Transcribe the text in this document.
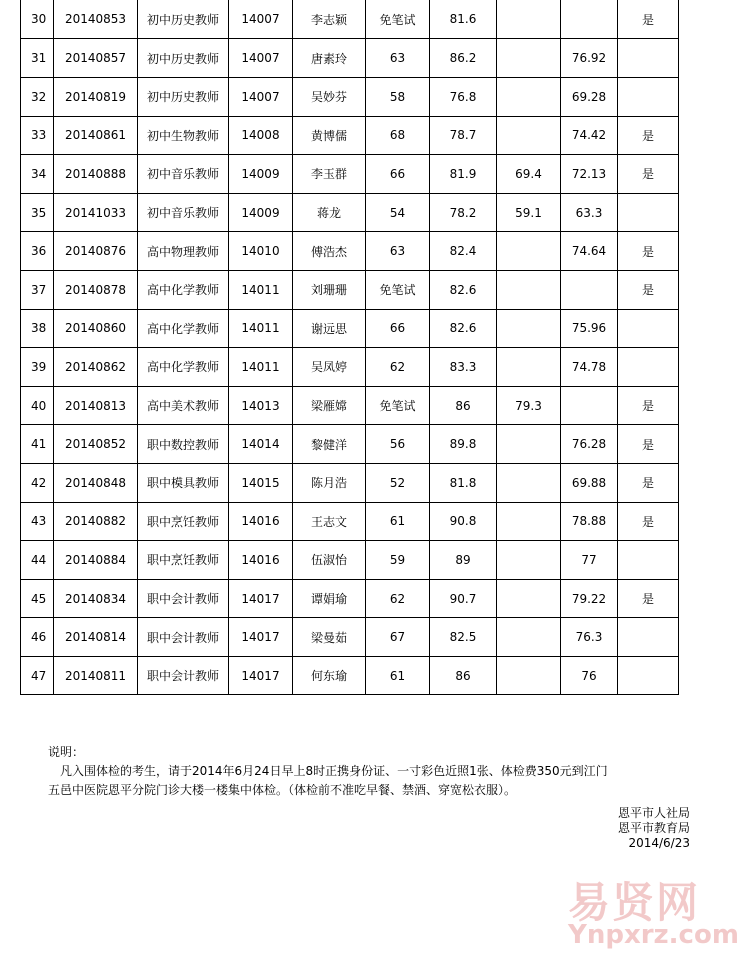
30	20140853	初中历史教师	14007	李志颖	免笔试	81.6			是
31	20140857	初中历史教师	14007	唐素玲	63	86.2		76.92	
32	20140819	初中历史教师	14007	吴妙芬	58	76.8		69.28	
33	20140861	初中生物教师	14008	黄博儒	68	78.7		74.42	是
34	20140888	初中音乐教师	14009	李玉群	66	81.9	69.4	72.13	是
35	20141033	初中音乐教师	14009	蒋龙	54	78.2	59.1	63.3	
36	20140876	高中物理教师	14010	傅浩杰	63	82.4		74.64	是
37	20140878	高中化学教师	14011	刘珊珊	免笔试	82.6			是
38	20140860	高中化学教师	14011	谢远思	66	82.6		75.96	
39	20140862	高中化学教师	14011	吴凤婷	62	83.3		74.78	
40	20140813	高中美术教师	14013	梁雁嫦	免笔试	86	79.3		是
41	20140852	职中数控教师	14014	黎健洋	56	89.8		76.28	是
42	20140848	职中模具教师	14015	陈月浩	52	81.8		69.88	是
43	20140882	职中烹饪教师	14016	王志文	61	90.8		78.88	是
44	20140884	职中烹饪教师	14016	伍淑怡	59	89		77	
45	20140834	职中会计教师	14017	谭娟瑜	62	90.7		79.22	是
46	20140814	职中会计教师	14017	梁曼茹	67	82.5		76.3	
47	20140811	职中会计教师	14017	何东瑜	61	86		76	
说明：
凡入围体检的考生，请于2014年6月24日早上8时正携身份证、一寸彩色近照1张、体检费350元到江门
五邑中医院恩平分院门诊大楼一楼集中体检。（体检前不准吃早餐、禁酒、穿宽松衣服）。
恩平市人社局
恩平市教育局
2014/6/23
易贤网
Ynpxrz.com
